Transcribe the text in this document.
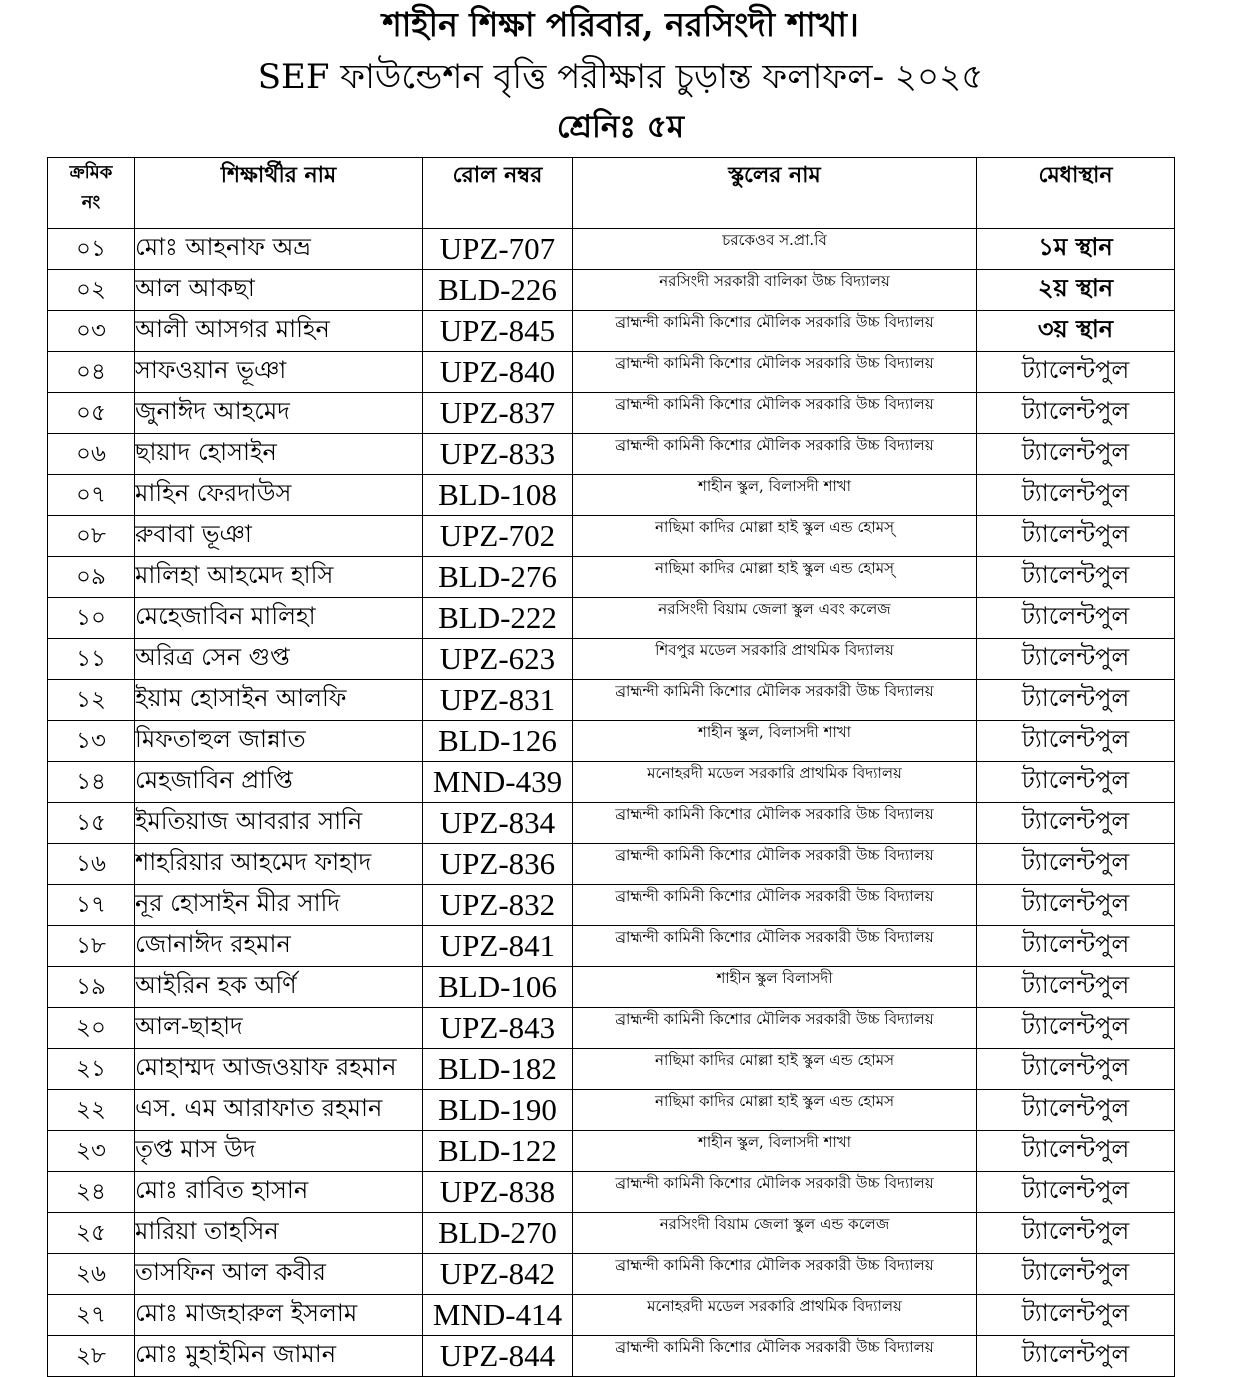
শাহীন শিক্ষা পরিবার, নরসিংদী শাখা।
SEF ফাউন্ডেশন বৃত্তি পরীক্ষার চুড়ান্ত ফলাফল- ২০২৫
শ্রেনিঃ ৫ম
ক্রমিক
নং	শিক্ষার্থীর নাম	রোল নম্বর	স্কুলের নাম	মেধাস্থান
০১	মোঃ আহনাফ অভ্র	UPZ-707	চরকেওব স.প্রা.বি	১ম স্থান
০২	আল আকছা	BLD-226	নরসিংদী সরকারী বালিকা উচ্চ বিদ্যালয়	২য় স্থান
০৩	আলী আসগর মাহিন	UPZ-845	ব্রাহ্মন্দী কামিনী কিশোর মৌলিক সরকারি উচ্চ বিদ্যালয়	৩য় স্থান
০৪	সাফওয়ান ভূঞা	UPZ-840	ব্রাহ্মন্দী কামিনী কিশোর মৌলিক সরকারি উচ্চ বিদ্যালয়	ট্যালেন্টপুল
০৫	জুনাঈদ আহমেদ	UPZ-837	ব্রাহ্মন্দী কামিনী কিশোর মৌলিক সরকারি উচ্চ বিদ্যালয়	ট্যালেন্টপুল
০৬	ছায়াদ হোসাইন	UPZ-833	ব্রাহ্মন্দী কামিনী কিশোর মৌলিক সরকারি উচ্চ বিদ্যালয়	ট্যালেন্টপুল
০৭	মাহিন ফেরদাউস	BLD-108	শাহীন স্কুল, বিলাসদী শাখা	ট্যালেন্টপুল
০৮	রুবাবা ভূঞা	UPZ-702	নাছিমা কাদির মোল্লা হাই স্কুল এন্ড হোমস্	ট্যালেন্টপুল
০৯	মালিহা আহমেদ হাসি	BLD-276	নাছিমা কাদির মোল্লা হাই স্কুল এন্ড হোমস্	ট্যালেন্টপুল
১০	মেহেজাবিন মালিহা	BLD-222	নরসিংদী বিয়াম জেলা স্কুল এবং কলেজ	ট্যালেন্টপুল
১১	অরিত্র সেন গুপ্ত	UPZ-623	শিবপুর মডেল সরকারি প্রাথমিক বিদ্যালয়	ট্যালেন্টপুল
১২	ইয়াম হোসাইন আলফি	UPZ-831	ব্রাহ্মন্দী কামিনী কিশোর মৌলিক সরকারী উচ্চ বিদ্যালয়	ট্যালেন্টপুল
১৩	মিফতাহুল জান্নাত	BLD-126	শাহীন স্কুল, বিলাসদী শাখা	ট্যালেন্টপুল
১৪	মেহজাবিন প্রাপ্তি	MND-439	মনোহরদী মডেল সরকারি প্রাথমিক বিদ্যালয়	ট্যালেন্টপুল
১৫	ইমতিয়াজ আবরার সানি	UPZ-834	ব্রাহ্মন্দী কামিনী কিশোর মৌলিক সরকারি উচ্চ বিদ্যালয়	ট্যালেন্টপুল
১৬	শাহরিয়ার আহমেদ ফাহাদ	UPZ-836	ব্রাহ্মন্দী কামিনী কিশোর মৌলিক সরকারী উচ্চ বিদ্যালয়	ট্যালেন্টপুল
১৭	নূর হোসাইন মীর সাদি	UPZ-832	ব্রাহ্মন্দী কামিনী কিশোর মৌলিক সরকারী উচ্চ বিদ্যালয়	ট্যালেন্টপুল
১৮	জোনাঈদ রহমান	UPZ-841	ব্রাহ্মন্দী কামিনী কিশোর মৌলিক সরকারী উচ্চ বিদ্যালয়	ট্যালেন্টপুল
১৯	আইরিন হক অর্ণি	BLD-106	শাহীন স্কুল বিলাসদী	ট্যালেন্টপুল
২০	আল-ছাহাদ	UPZ-843	ব্রাহ্মন্দী কামিনী কিশোর মৌলিক সরকারী উচ্চ বিদ্যালয়	ট্যালেন্টপুল
২১	মোহাম্মদ আজওয়াফ রহমান	BLD-182	নাছিমা কাদির মোল্লা হাই স্কুল এন্ড হোমস	ট্যালেন্টপুল
২২	এস. এম আরাফাত রহমান	BLD-190	নাছিমা কাদির মোল্লা হাই স্কুল এন্ড হোমস	ট্যালেন্টপুল
২৩	তৃপ্ত মাস উদ	BLD-122	শাহীন স্কুল, বিলাসদী শাখা	ট্যালেন্টপুল
২৪	মোঃ রাবিত হাসান	UPZ-838	ব্রাহ্মন্দী কামিনী কিশোর মৌলিক সরকারী উচ্চ বিদ্যালয়	ট্যালেন্টপুল
২৫	মারিয়া তাহসিন	BLD-270	নরসিংদী বিয়াম জেলা স্কুল এন্ড কলেজ	ট্যালেন্টপুল
২৬	তাসফিন আল কবীর	UPZ-842	ব্রাহ্মন্দী কামিনী কিশোর মৌলিক সরকারী উচ্চ বিদ্যালয়	ট্যালেন্টপুল
২৭	মোঃ মাজহারুল ইসলাম	MND-414	মনোহরদী মডেল সরকারি প্রাথমিক বিদ্যালয়	ট্যালেন্টপুল
২৮	মোঃ মুহাইমিন জামান	UPZ-844	ব্রাহ্মন্দী কামিনী কিশোর মৌলিক সরকারী উচ্চ বিদ্যালয়	ট্যালেন্টপুল
